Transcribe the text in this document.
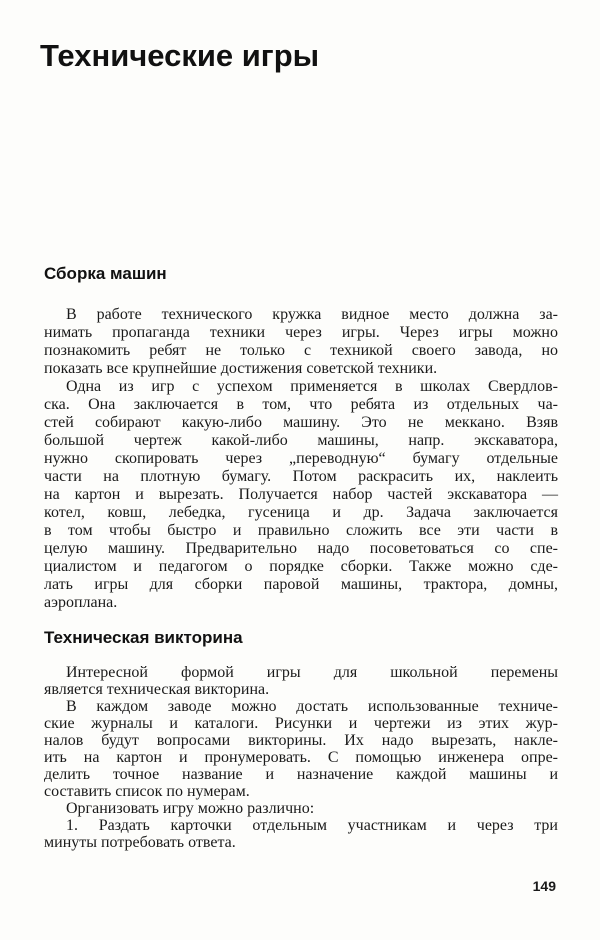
Технические игры
Сборка машин
В работе технического кружка видное место должна за-
нимать пропаганда техники через игры. Через игры можно
познакомить ребят не только с техникой своего завода, но
показать все крупнейшие достижения советской техники.
Одна из игр с успехом применяется в школах Свердлов-
ска. Она заключается в том, что ребята из отдельных ча-
стей собирают какую-либо машину. Это не меккано. Взяв
большой чертеж какой-либо машины, напр. экскаватора,
нужно скопировать через „переводную“ бумагу отдельные
части на плотную бумагу. Потом раскрасить их, наклеить
на картон и вырезать. Получается набор частей экскаватора —
котел, ковш, лебедка, гусеница и др. Задача заключается
в том чтобы быстро и правильно сложить все эти части в
целую машину. Предварительно надо посоветоваться со спе-
циалистом и педагогом о порядке сборки. Также можно сде-
лать игры для сборки паровой машины, трактора, домны,
аэроплана.
Техническая викторина
Интересной формой игры для школьной перемены
является техническая викторина.
В каждом заводе можно достать использованные техниче-
ские журналы и каталоги. Рисунки и чертежи из этих жур-
налов будут вопросами викторины. Их надо вырезать, накле-
ить на картон и пронумеровать. С помощью инженера опре-
делить точное название и назначение каждой машины и
составить список по нумерам.
Организовать игру можно различно:
1. Раздать карточки отдельным участникам и через три
минуты потребовать ответа.
149
